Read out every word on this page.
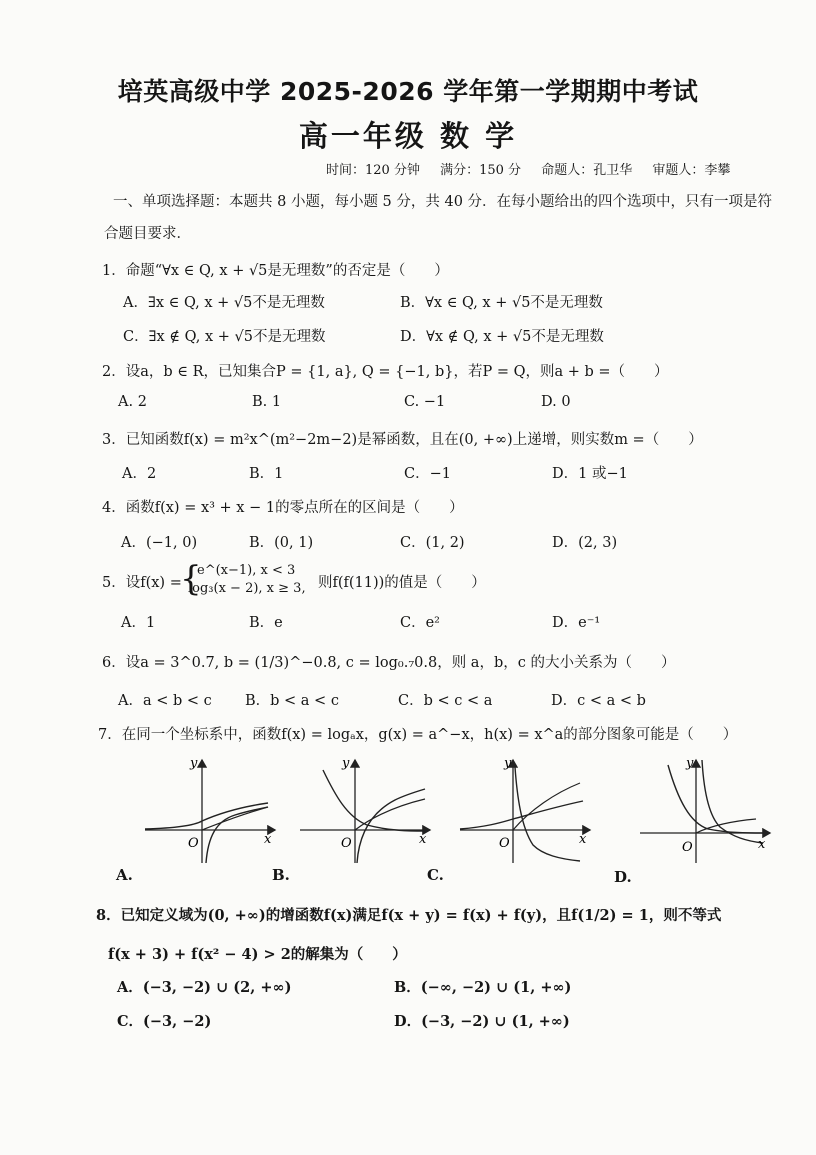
培英高级中学 2025-2026 学年第一学期期中考试
高一年级 数 学
时间：120 分钟 满分：150 分 命题人：孔卫华 审题人：李攀
一、单项选择题：本题共 8 小题，每小题 5 分，共 40 分．在每小题给出的四个选项中，只有一项是符
合题目要求．
1．命题“∀x ∈ Q, x + √5是无理数”的否定是（　　）
A．∃x ∈ Q, x + √5不是无理数	B．∀x ∈ Q, x + √5不是无理数
C．∃x ∉ Q, x + √5不是无理数	D．∀x ∉ Q, x + √5不是无理数
2．设a，b ∈ R，已知集合P = {1, a}, Q = {−1, b}，若P = Q，则a + b =（　　）
A. 2	B. 1	C. −1	D. 0
3．已知函数f(x) = m²x^(m²−2m−2)是幂函数，且在(0, +∞)上递增，则实数m =（　　）
A．2	B．1	C．−1	D．1 或−1
4．函数f(x) = x³ + x − 1的零点所在的区间是（　　）
A．(−1, 0)	B．(0, 1)	C．(1, 2)	D．(2, 3)
5．设f(x) =
{
e^(x−1), x < 3
log₃(x − 2), x ≥ 3, 则f(f(11))的值是（　　）
A．1	B．e	C．e²	D．e⁻¹
6．设a = 3^0.7, b = (1/3)^−0.8, c = log₀.₇0.8，则 a，b，c 的大小关系为（　　）
A．a < b < c B．b < a < c	C．b < c < a	D．c < a < b
7．在同一个坐标系中，函数f(x) = logₐx，g(x) = a^−x，h(x) = x^a的部分图象可能是（　　）
O	x
y
A.
O	x
y
B.
O	x
y
C.
O	x
y
D.
8．已知定义域为(0, +∞)的增函数f(x)满足f(x + y) = f(x) + f(y)，且f(1/2) = 1，则不等式
f(x + 3) + f(x² − 4) > 2的解集为（　　）
A．(−3, −2) ∪ (2, +∞)	B．(−∞, −2) ∪ (1, +∞)
C．(−3, −2)	D．(−3, −2) ∪ (1, +∞)
